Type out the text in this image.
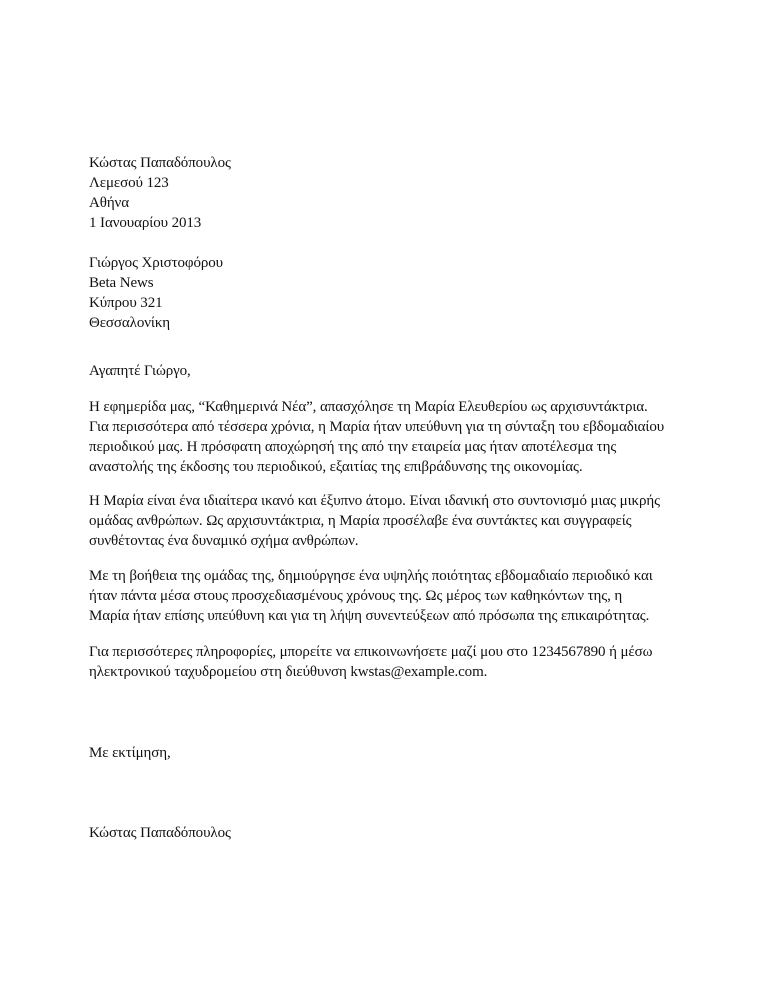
Κώστας Παπαδόπουλος
Λεμεσού 123
Αθήνα
1 Ιανουαρίου 2013
Γιώργος Χριστοφόρου
Beta News
Κύπρου 321
Θεσσαλονίκη
Αγαπητέ Γιώργο,
Η εφημερίδα μας, “Καθημερινά Νέα”, απασχόλησε τη Μαρία Ελευθερίου ως αρχισυντάκτρια.
Για περισσότερα από τέσσερα χρόνια, η Μαρία ήταν υπεύθυνη για τη σύνταξη του εβδομαδιαίου
περιοδικού μας. Η πρόσφατη αποχώρησή της από την εταιρεία μας ήταν αποτέλεσμα της
αναστολής της έκδοσης του περιοδικού, εξαιτίας της επιβράδυνσης της οικονομίας.
Η Μαρία είναι ένα ιδιαίτερα ικανό και έξυπνο άτομο. Είναι ιδανική στο συντονισμό μιας μικρής
ομάδας ανθρώπων. Ως αρχισυντάκτρια, η Μαρία προσέλαβε ένα συντάκτες και συγγραφείς
συνθέτοντας ένα δυναμικό σχήμα ανθρώπων.
Με τη βοήθεια της ομάδας της, δημιούργησε ένα υψηλής ποιότητας εβδομαδιαίο περιοδικό και
ήταν πάντα μέσα στους προσχεδιασμένους χρόνους της. Ως μέρος των καθηκόντων της, η
Μαρία ήταν επίσης υπεύθυνη και για τη λήψη συνεντεύξεων από πρόσωπα της επικαιρότητας.
Για περισσότερες πληροφορίες, μπορείτε να επικοινωνήσετε μαζί μου στο 1234567890 ή μέσω
ηλεκτρονικού ταχυδρομείου στη διεύθυνση kwstas@example.com.
Με εκτίμηση,
Κώστας Παπαδόπουλος
